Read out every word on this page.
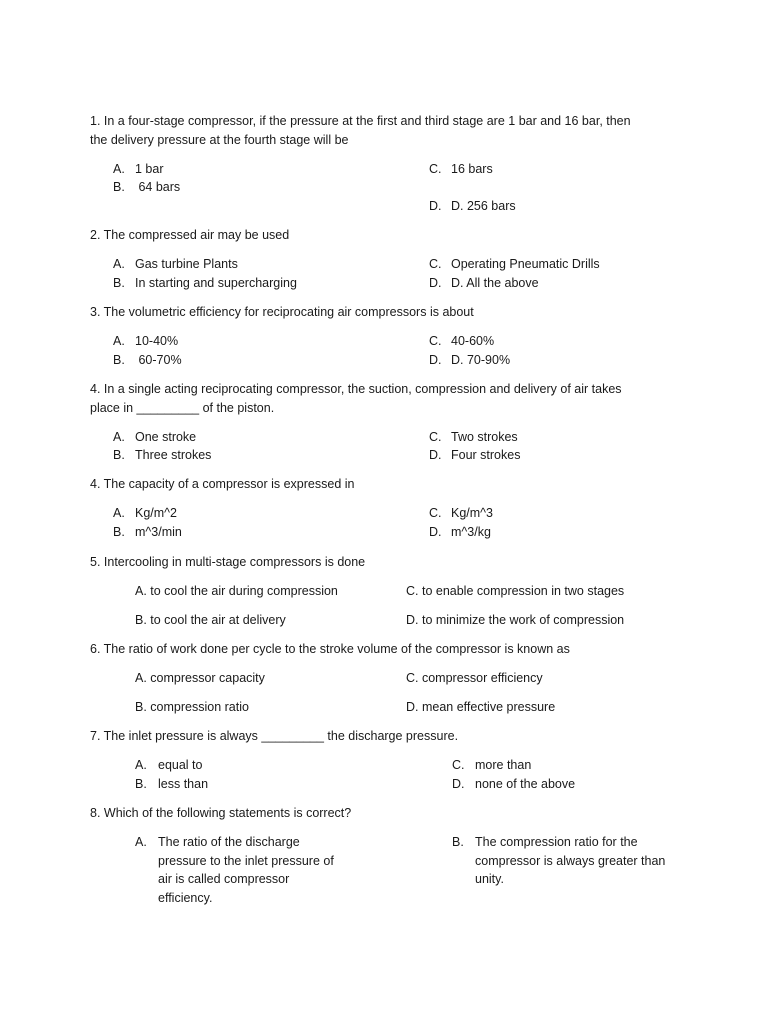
1. In a four-stage compressor, if the pressure at the first and third stage are 1 bar and 16 bar, then
the delivery pressure at the fourth stage will be
A. 1 bar
B. 64 bars
C. 16 bars
D. D. 256 bars
2. The compressed air may be used
A. Gas turbine Plants
B. In starting and supercharging
C. Operating Pneumatic Drills
D. D. All the above
3. The volumetric efficiency for reciprocating air compressors is about
A. 10-40%
B. 60-70%
C. 40-60%
D. D. 70-90%
4. In a single acting reciprocating compressor, the suction, compression and delivery of air takes
place in _________ of the piston.
A. One stroke
B. Three strokes
C. Two strokes
D. Four strokes
4. The capacity of a compressor is expressed in
A. Kg/m^2
B. m^3/min
C. Kg/m^3
D. m^3/kg
5. Intercooling in multi-stage compressors is done
A. to cool the air during compression
B. to cool the air at delivery
C. to enable compression in two stages
D. to minimize the work of compression
6. The ratio of work done per cycle to the stroke volume of the compressor is known as
A. compressor capacity
B. compression ratio
C. compressor efficiency
D. mean effective pressure
7. The inlet pressure is always _________ the discharge pressure.
A. equal to
B. less than
C. more than
D. none of the above
8. Which of the following statements is correct?
A. The ratio of the discharge
pressure to the inlet pressure of
air is called compressor
efficiency.
B. The compression ratio for the
compressor is always greater than
unity.
